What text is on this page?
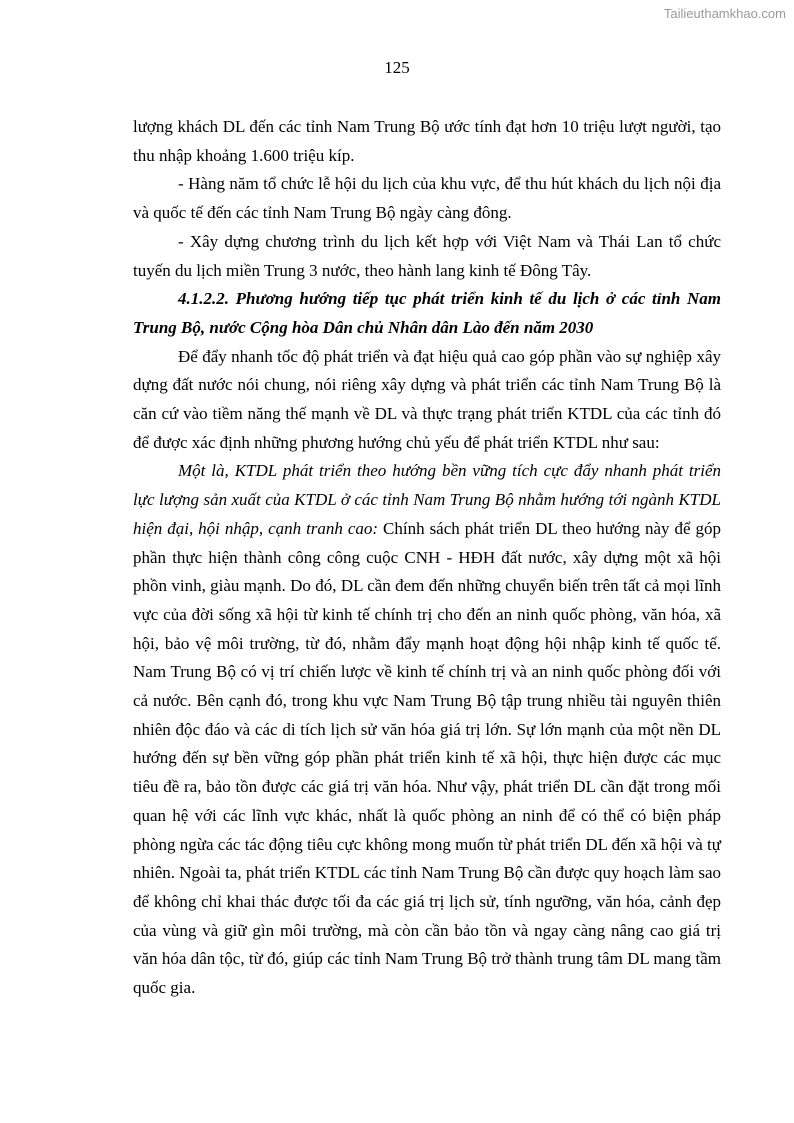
Tailieuthamkhao.com
125

lượng khách DL đến các tỉnh Nam Trung Bộ ước tính đạt hơn 10 triệu lượt người, tạo thu nhập khoảng 1.600 triệu kíp.

- Hàng năm tổ chức lễ hội du lịch của khu vực, để thu hút khách du lịch nội địa và quốc tế đến các tỉnh Nam Trung Bộ ngày càng đông.

- Xây dựng chương trình du lịch kết hợp với Việt Nam và Thái Lan tổ chức tuyến du lịch miền Trung 3 nước, theo hành lang kinh tế Đông Tây.

4.1.2.2. Phương hướng tiếp tục phát triển kinh tế du lịch ở các tỉnh Nam Trung Bộ, nước Cộng hòa Dân chủ Nhân dân Lào đến năm 2030

Để đẩy nhanh tốc độ phát triển và đạt hiệu quả cao góp phần vào sự nghiệp xây dựng đất nước nói chung, nói riêng xây dựng và phát triển các tỉnh Nam Trung Bộ là căn cứ vào tiềm năng thế mạnh về DL và thực trạng phát triển KTDL của các tỉnh đó để được xác định những phương hướng chủ yếu để phát triển KTDL như sau:

Một là, KTDL phát triển theo hướng bền vững tích cực đẩy nhanh phát triển lực lượng sản xuất của KTDL ở các tỉnh Nam Trung Bộ nhằm hướng tới ngành KTDL hiện đại, hội nhập, cạnh tranh cao: Chính sách phát triển DL theo hướng này để góp phần thực hiện thành công công cuộc CNH - HĐH đất nước, xây dựng một xã hội phồn vinh, giàu mạnh. Do đó, DL cần đem đến những chuyển biến trên tất cả mọi lĩnh vực của đời sống xã hội từ kinh tế chính trị cho đến an ninh quốc phòng, văn hóa, xã hội, bảo vệ môi trường, từ đó, nhằm đẩy mạnh hoạt động hội nhập kinh tế quốc tế. Nam Trung Bộ có vị trí chiến lược về kinh tế chính trị và an ninh quốc phòng đối với cả nước. Bên cạnh đó, trong khu vực Nam Trung Bộ tập trung nhiều tài nguyên thiên nhiên độc đáo và các di tích lịch sử văn hóa giá trị lớn. Sự lớn mạnh của một nền DL hướng đến sự bền vững góp phần phát triển kinh tế xã hội, thực hiện được các mục tiêu đề ra, bảo tồn được các giá trị văn hóa. Như vậy, phát triển DL cần đặt trong mối quan hệ với các lĩnh vực khác, nhất là quốc phòng an ninh để có thể có biện pháp phòng ngừa các tác động tiêu cực không mong muốn từ phát triển DL đến xã hội và tự nhiên. Ngoài ta, phát triển KTDL các tỉnh Nam Trung Bộ cần được quy hoạch làm sao để không chỉ khai thác được tối đa các giá trị lịch sử, tính ngưỡng, văn hóa, cảnh đẹp của vùng và giữ gìn môi trường, mà còn cần bảo tồn và ngay càng nâng cao giá trị văn hóa dân tộc, từ đó, giúp các tỉnh Nam Trung Bộ trở thành trung tâm DL mang tầm quốc gia.
